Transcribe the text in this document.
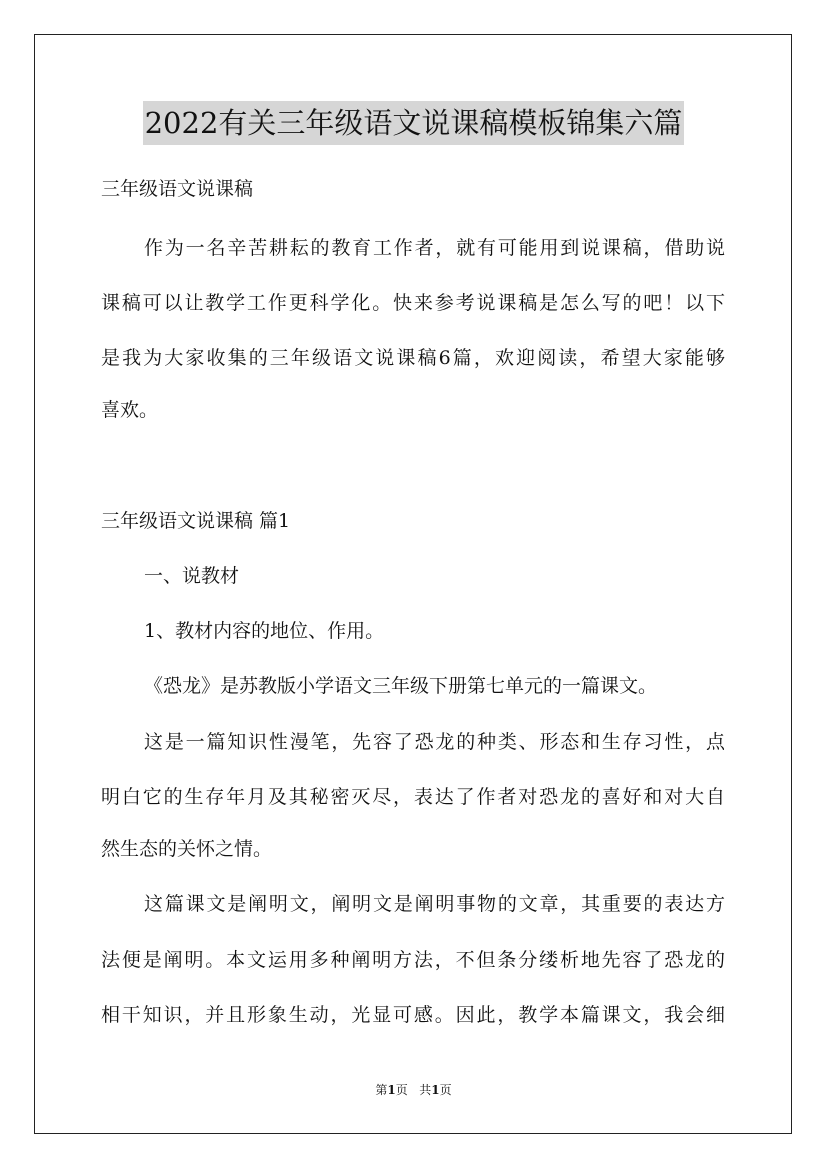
2022有关三年级语文说课稿模板锦集六篇
三年级语文说课稿
作为一名辛苦耕耘的教育工作者，就有可能用到说课稿，借助说
课稿可以让教学工作更科学化。快来参考说课稿是怎么写的吧！以下
是我为大家收集的三年级语文说课稿6篇，欢迎阅读，希望大家能够
喜欢。
三年级语文说课稿 篇1
一、说教材
1、教材内容的地位、作用。
《恐龙》是苏教版小学语文三年级下册第七单元的一篇课文。
这是一篇知识性漫笔，先容了恐龙的种类、形态和生存习性，点
明白它的生存年月及其秘密灭尽，表达了作者对恐龙的喜好和对大自
然生态的关怀之情。
这篇课文是阐明文，阐明文是阐明事物的文章，其重要的表达方
法便是阐明。本文运用多种阐明方法，不但条分缕析地先容了恐龙的
相干知识，并且形象生动，光显可感。因此，教学本篇课文，我会细
第1页 共1页
